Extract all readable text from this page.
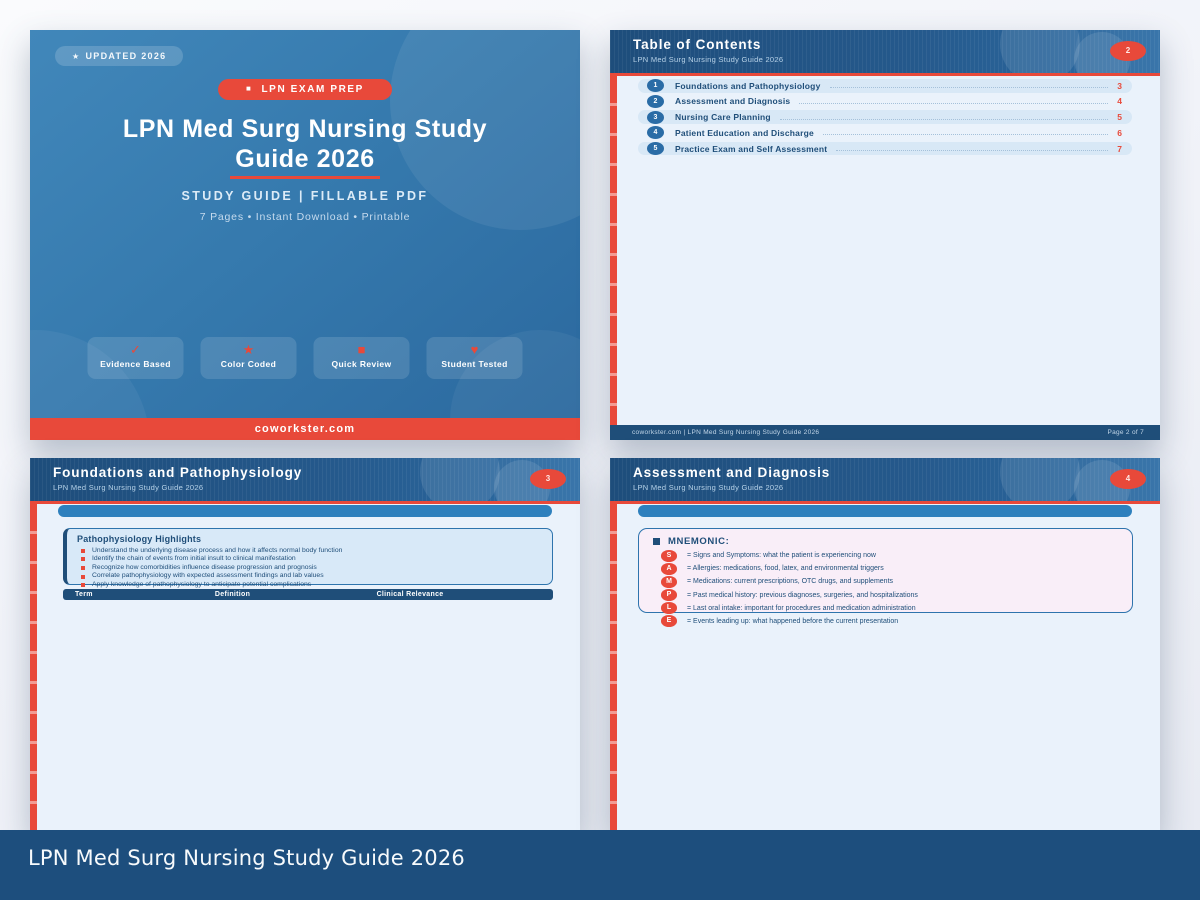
★ UPDATED 2026
■ LPN EXAM PREP
LPN Med Surg Nursing Study
Guide 2026
STUDY GUIDE | FILLABLE PDF
7 Pages • Instant Download • Printable
✓
Evidence Based
★
Color Coded
■
Quick Review
♥
Student Tested
coworkster.com
Table of Contents
LPN Med Surg Nursing Study Guide 2026
2
1	Foundations and Pathophysiology	3
2	Assessment and Diagnosis	4
3	Nursing Care Planning	5
4	Patient Education and Discharge	6
5	Practice Exam and Self Assessment	7
coworkster.com | LPN Med Surg Nursing Study Guide 2026	Page 2 of 7
Foundations and Pathophysiology
LPN Med Surg Nursing Study Guide 2026
3
Pathophysiology Highlights
Understand the underlying disease process and how it affects normal body function
Identify the chain of events from initial insult to clinical manifestation
Recognize how comorbidities influence disease progression and prognosis
Correlate pathophysiology with expected assessment findings and lab values
Apply knowledge of pathophysiology to anticipate potential complications
Term	Definition	Clinical Relevance
Assessment and Diagnosis
LPN Med Surg Nursing Study Guide 2026
4
MNEMONIC:
S	= Signs and Symptoms: what the patient is experiencing now
A	= Allergies: medications, food, latex, and environmental triggers
M	= Medications: current prescriptions, OTC drugs, and supplements
P	= Past medical history: previous diagnoses, surgeries, and hospitalizations
L	= Last oral intake: important for procedures and medication administration
E	= Events leading up: what happened before the current presentation
LPN Med Surg Nursing Study Guide 2026
